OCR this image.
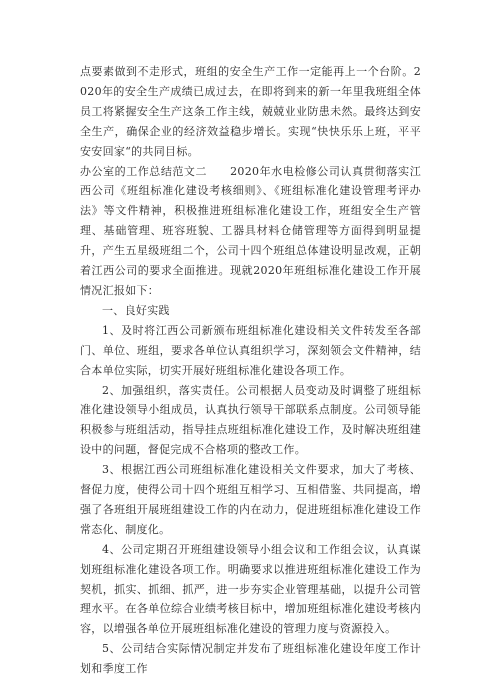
点要素做到不走形式，班组的安全生产工作一定能再上一个台阶。2020年的安全生产成绩已成过去，在即将到来的新一年里我班组全体员工将紧握安全生产这条工作主线，兢兢业业防患未然。最终达到安全生产，确保企业的经济效益稳步增长。实现“快快乐乐上班，平平安安回家“的共同目标。

办公室的工作总结范文二　　2020年水电检修公司认真贯彻落实江西公司《班组标准化建设考核细则》、《班组标准化建设管理考评办法》等文件精神，积极推进班组标准化建设工作，班组安全生产管理、基础管理、班容班貌、工器具材料仓储管理等方面得到明显提升，产生五星级班组二个，公司十四个班组总体建设明显改观，正朝着江西公司的要求全面推进。现就2020年班组标准化建设工作开展情况汇报如下：

一、良好实践

1、及时将江西公司新颁布班组标准化建设相关文件转发至各部门、单位、班组，要求各单位认真组织学习，深刻领会文件精神，结合本单位实际，切实开展好班组标准化建设各项工作。

2、加强组织，落实责任。公司根据人员变动及时调整了班组标准化建设领导小组成员，认真执行领导干部联系点制度。公司领导能积极参与班组活动，指导挂点班组标准化建设工作，及时解决班组建设中的问题，督促完成不合格项的整改工作。

3、根据江西公司班组标准化建设相关文件要求，加大了考核、督促力度，使得公司十四个班组互相学习、互相借鉴、共同提高，增强了各班组开展班组建设工作的内在动力，促进班组标准化建设工作常态化、制度化。

4、公司定期召开班组建设领导小组会议和工作组会议，认真谋划班组标准化建设各项工作。明确要求以推进班组标准化建设工作为契机，抓实、抓细、抓严，进一步夯实企业管理基础，以提升公司管理水平。在各单位综合业绩考核目标中，增加班组标准化建设考核内容，以增强各单位开展班组标准化建设的管理力度与资源投入。

5、公司结合实际情况制定并发布了班组标准化建设年度工作计划和季度工作
